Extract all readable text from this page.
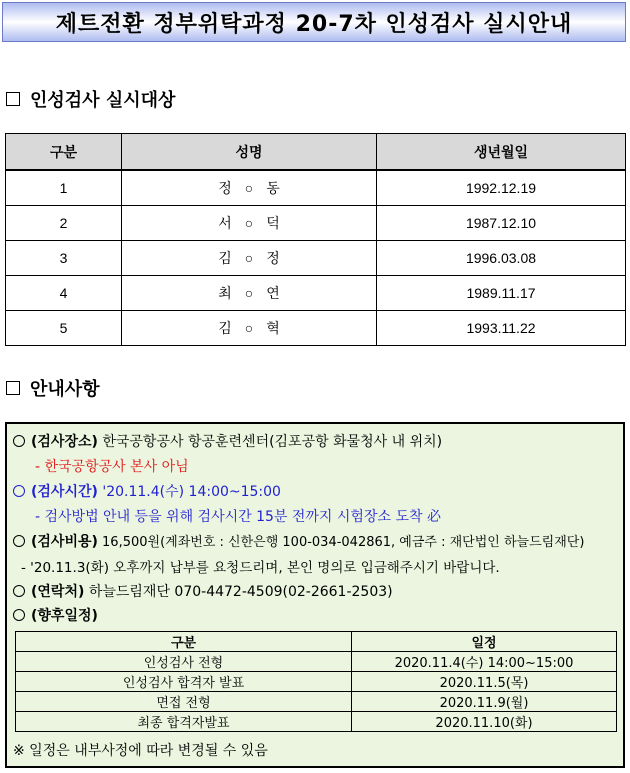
제트전환 정부위탁과정 20-7차 인성검사 실시안내
인성검사 실시대상
구분	성명	생년월일
1	정 ○ 동	1992.12.19
2	서 ○ 덕	1987.12.10
3	김 ○ 정	1996.03.08
4	최 ○ 연	1989.11.17
5	김 ○ 혁	1993.11.22
안내사항
(검사장소) 한국공항공사 항공훈련센터(김포공항 화물청사 내 위치)
- 한국공항공사 본사 아님
(검사시간) '20.11.4(수) 14:00~15:00
- 검사방법 안내 등을 위해 검사시간 15분 전까지 시험장소 도착 必
(검사비용) 16,500원(계좌번호 : 신한은행 100-034-042861, 예금주 : 재단법인 하늘드림재단)
- '20.11.3(화) 오후까지 납부를 요청드리며, 본인 명의로 입금해주시기 바랍니다.
(연락처) 하늘드림재단 070-4472-4509(02-2661-2503)
(향후일정)
구분	일정
인성검사 전형	2020.11.4(수) 14:00~15:00
인성검사 합격자 발표	2020.11.5(목)
면접 전형	2020.11.9(월)
최종 합격자발표	2020.11.10(화)
※ 일정은 내부사정에 따라 변경될 수 있음
